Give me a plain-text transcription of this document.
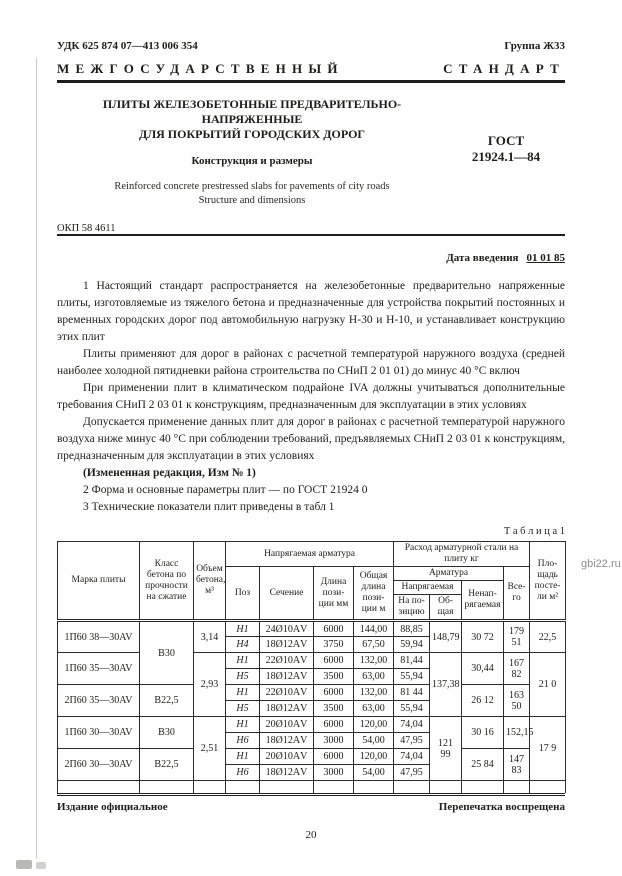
gbi22.ru
УДК 625 874 07—413 006 354	Группа Ж33
МЕЖГОСУДАРСТВЕННЫЙ	СТАНДАРТ
ПЛИТЫ ЖЕЛЕЗОБЕТОННЫЕ ПРЕДВАРИТЕЛЬНО-НАПРЯЖЕННЫЕ
ДЛЯ ПОКРЫТИЙ ГОРОДСКИХ ДОРОГ
Конструкция и размеры
Reinforced concrete prestressed slabs for pavements of city roads
Structure and dimensions
ГОСТ
21924.1—84
ОКП 58 4611
Дата введения 01 01 85

1 Настоящий стандарт распространяется на железобетонные предварительно напряженные плиты, изготовляемые из тяжелого бетона и предназначенные для устройства покрытий постоянных и временных городских дорог под автомобильную нагрузку Н-30 и Н-10, и устанавливает конструкцию этих плит

Плиты применяют для дорог в районах с расчетной температурой наружного воздуха (средней наиболее холодной пятидневки района строительства по СНиП 2 01 01) до минус 40 °С включ

При применении плит в климатическом подрайоне IVA должны учитываться дополнительные требования СНиП 2 03 01 к конструкциям, предназначенным для эксплуатации в этих условиях

Допускается применение данных плит для дорог в районах с расчетной температурой наружного воздуха ниже минус 40 °С при соблюдении требований, предъявляемых СНиП 2 03 01 к конструкциям, предназначенным для эксплуатации в этих условиях

(Измененная редакция, Изм № 1)

2 Форма и основные параметры плит — по ГОСТ 21924 0

3 Технические показатели плит приведены в табл 1

Т а б л и ц а 1
Марка плиты	Класс бетона по прочности на сжатие	Объем бетона, м³	Напрягаемая арматура				Расход арматурной стали на плиту кг				Пло-щадь посте-ли м²
			Поз	Сечение	Длина пози-ции мм	Общая длина пози-ции м	Арматура			Все-го	
							Напрягаемая		Ненап-рягаемая		
							На по-зицию	Об-щая			
1П60 38—30AV	В30	3,14	Н1	24Ø10АV	6000	144,00	88,85	148,79	30 72	179 51	22,5
			Н4	18Ø12АV	3750	67,50	59,94				
1П60 35—30AV		2,93	Н1	22Ø10АV	6000	132,00	81,44	137,38	30,44	167 82	21 0
			Н5	18Ø12АV	3500	63,00	55,94				
2П60 35—30AV	В22,5		Н1	22Ø10АV	6000	132,00	81 44		26 12	163 50	
			Н5	18Ø12АV	3500	63,00	55,94				
1П60 30—30AV	В30	2,51	Н1	20Ø10АV	6000	120,00	74,04	121 99	30 16	152,15	17 9
			Н6	18Ø12АV	3000	54,00	47,95				
2П60 30—30AV	В22,5		Н1	20Ø10АV	6000	120,00	74,04		25 84	147 83	
			Н6	18Ø12АV	3000	54,00	47,95				

Издание официальное	Перепечатка воспрещена
20
